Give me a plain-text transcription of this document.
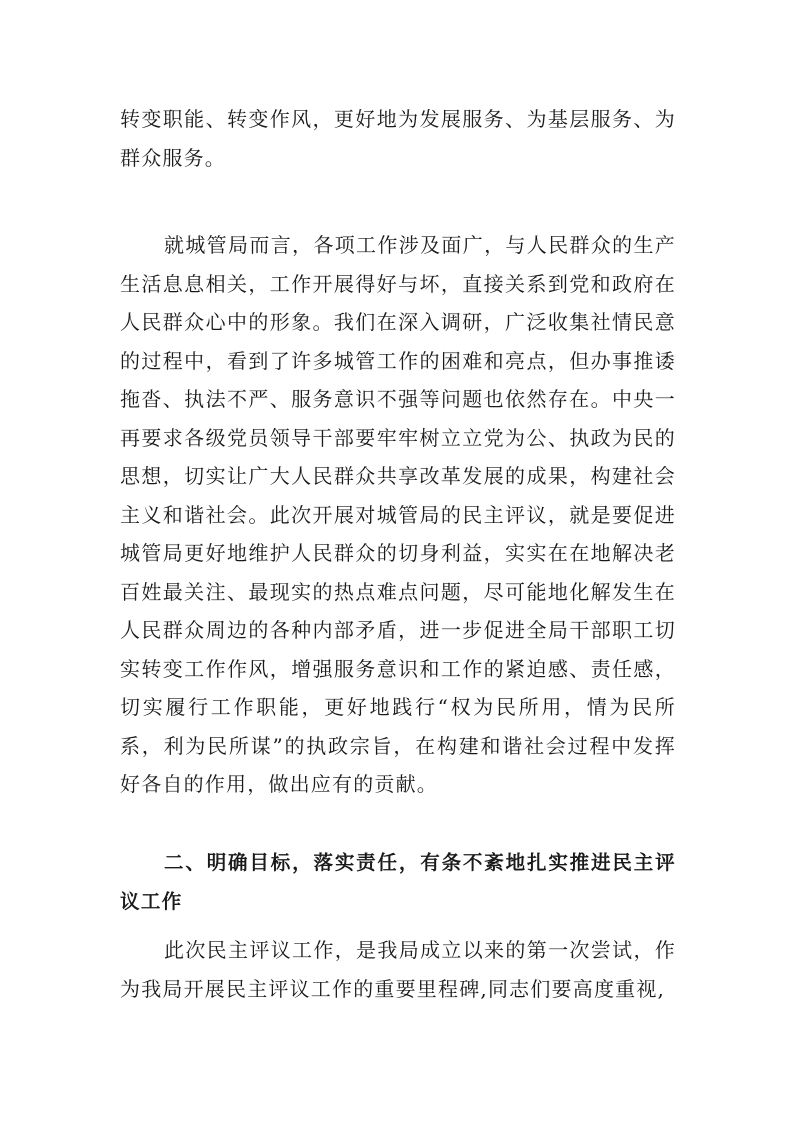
转变职能、转变作风，更好地为发展服务、为基层服务、为群众服务。

就城管局而言，各项工作涉及面广，与人民群众的生产生活息息相关，工作开展得好与坏，直接关系到党和政府在人民群众心中的形象。我们在深入调研，广泛收集社情民意的过程中，看到了许多城管工作的困难和亮点，但办事推诿拖沓、执法不严、服务意识不强等问题也依然存在。中央一再要求各级党员领导干部要牢牢树立立党为公、执政为民的思想，切实让广大人民群众共享改革发展的成果，构建社会主义和谐社会。此次开展对城管局的民主评议，就是要促进城管局更好地维护人民群众的切身利益，实实在在地解决老百姓最关注、最现实的热点难点问题，尽可能地化解发生在人民群众周边的各种内部矛盾，进一步促进全局干部职工切实转变工作作风，增强服务意识和工作的紧迫感、责任感，切实履行工作职能，更好地践行“权为民所用，情为民所系，利为民所谋”的执政宗旨，在构建和谐社会过程中发挥好各自的作用，做出应有的贡献。

二、明确目标，落实责任，有条不紊地扎实推进民主评议工作

此次民主评议工作，是我局成立以来的第一次尝试，作为我局开展民主评议工作的重要里程碑,同志们要高度重视,
